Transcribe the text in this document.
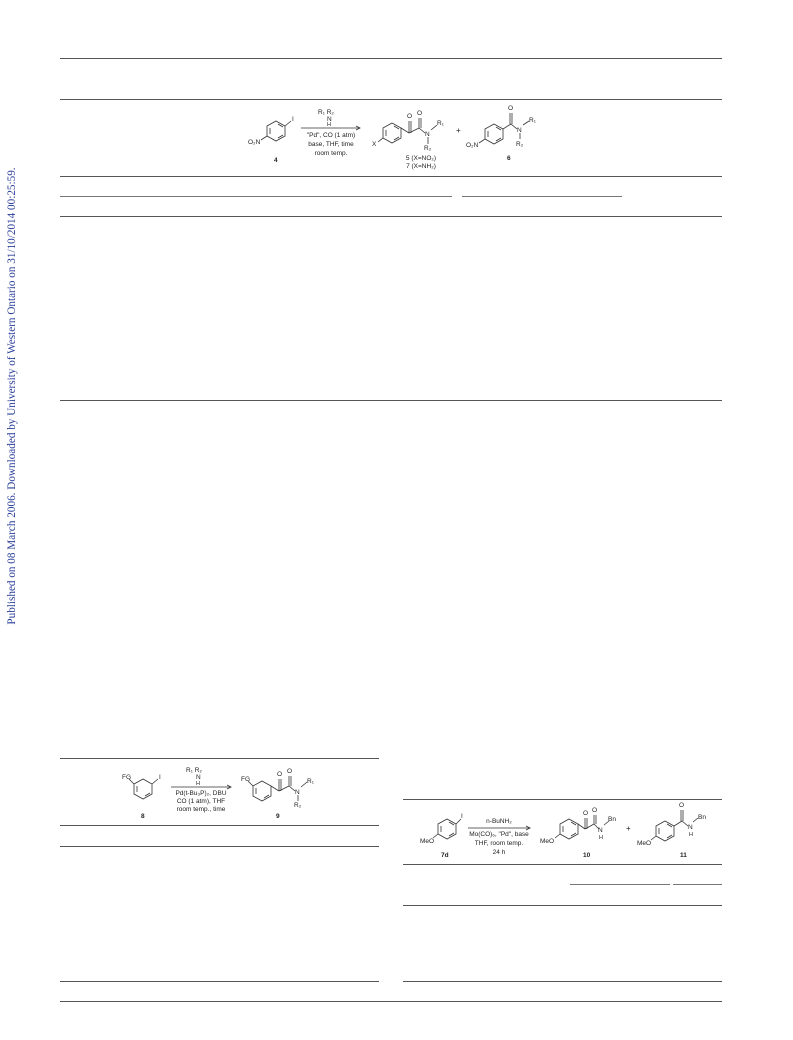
Published on 08 March 2006. Downloaded by University of Western Ontario on 31/10/2014 00:25:59.
I
O₂N
4
R₁ R₂
N
H
"Pd", CO (1 atm)
base, THF, time
room temp.
O O
X
N
R₁
R₂
5 (X=NO₂)
7 (X=NH₂)
+
O
O₂N
N
R₁
R₂
6
FG	I
8
R₁ R₂
N
H
Pd(t-Bu₃P)₂, DBU
CO (1 atm), THF
room temp., time
FG
O O
N
R₁
R₂
9
MeO
I
7d
n-BuNH₂
Mo(CO)₆, "Pd", base
THF, room temp.
24 h
O O
MeO
N
H
Bn
10
+
O
MeO
N
H
Bn
11
